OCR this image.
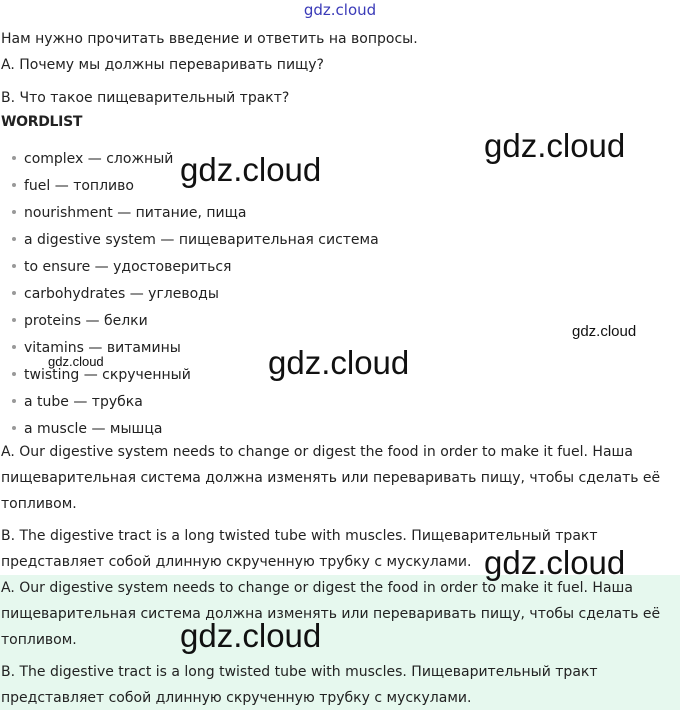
gdz.cloud
Нам нужно прочитать введение и ответить на вопросы.
A. Почему мы должны переваривать пищу?
B. Что такое пищеварительный тракт?
WORDLIST
complex — сложный
fuel — топливо
nourishment — питание, пища
a digestive system — пищеварительная система
to ensure — удостовериться
carbohydrates — углеводы
proteins — белки
vitamins — витамины
twisting — скрученный
a tube — трубка
a muscle — мышца
A. Our digestive system needs to change or digest the food in order to make it fuel. Наша пищеварительная система должна изменять или переваривать пищу, чтобы сделать её топливом.
B. The digestive tract is a long twisted tube with muscles. Пищеварительный тракт представляет собой длинную скрученную трубку с мускулами.
A. Our digestive system needs to change or digest the food in order to make it fuel. Наша пищеварительная система должна изменять или переваривать пищу, чтобы сделать её топливом.
B. The digestive tract is a long twisted tube with muscles. Пищеварительный тракт представляет собой длинную скрученную трубку с мускулами.
gdz.cloud
gdz.cloud
gdz.cloud
gdz.cloud
gdz.cloud
gdz.cloud
gdz.cloud
